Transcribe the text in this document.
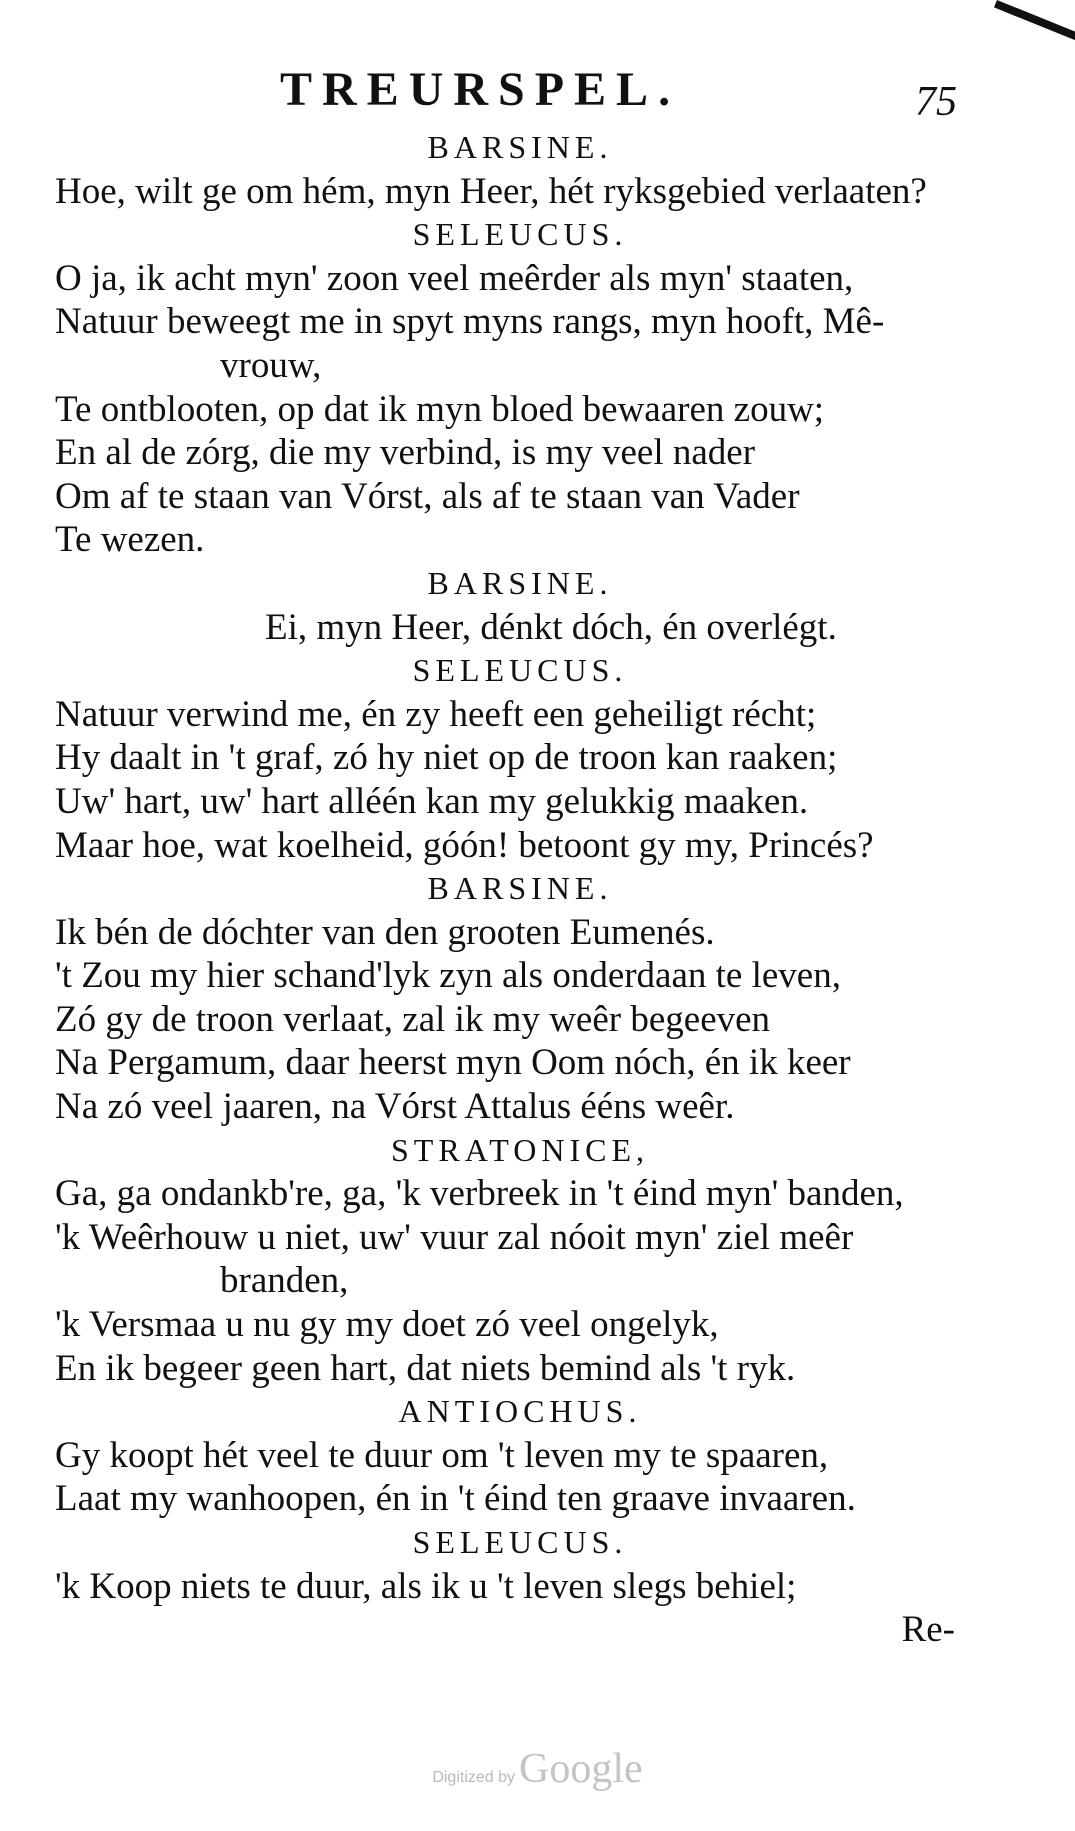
TREURSPEL.	75
BARSINE.
Hoe, wilt ge om hém, myn Heer, hét ryksgebied verlaaten?
SELEUCUS.
O ja, ik acht myn' zoon veel meêrder als myn' staaten,
Natuur beweegt me in spyt myns rangs, myn hooft, Mê-
vrouw,
Te ontblooten, op dat ik myn bloed bewaaren zouw;
En al de zórg, die my verbind, is my veel nader
Om af te staan van Vórst, als af te staan van Vader
Te wezen.
BARSINE.
Ei, myn Heer, dénkt dóch, én overlégt.
SELEUCUS.
Natuur verwind me, én zy heeft een geheiligt récht;
Hy daalt in 't graf, zó hy niet op de troon kan raaken;
Uw' hart, uw' hart alléén kan my gelukkig maaken.
Maar hoe, wat koelheid, góón! betoont gy my, Princés?
BARSINE.
Ik bén de dóchter van den grooten Eumenés.
't Zou my hier schand'lyk zyn als onderdaan te leven,
Zó gy de troon verlaat, zal ik my weêr begeeven
Na Pergamum, daar heerst myn Oom nóch, én ik keer
Na zó veel jaaren, na Vórst Attalus ééns weêr.
STRATONICE,
Ga, ga ondankb're, ga, 'k verbreek in 't éind myn' banden,
'k Weêrhouw u niet, uw' vuur zal nóoit myn' ziel meêr
branden,
'k Versmaa u nu gy my doet zó veel ongelyk,
En ik begeer geen hart, dat niets bemind als 't ryk.
ANTIOCHUS.
Gy koopt hét veel te duur om 't leven my te spaaren,
Laat my wanhoopen, én in 't éind ten graave invaaren.
SELEUCUS.
'k Koop niets te duur, als ik u 't leven slegs behiel;
Re-
Digitized by Google
